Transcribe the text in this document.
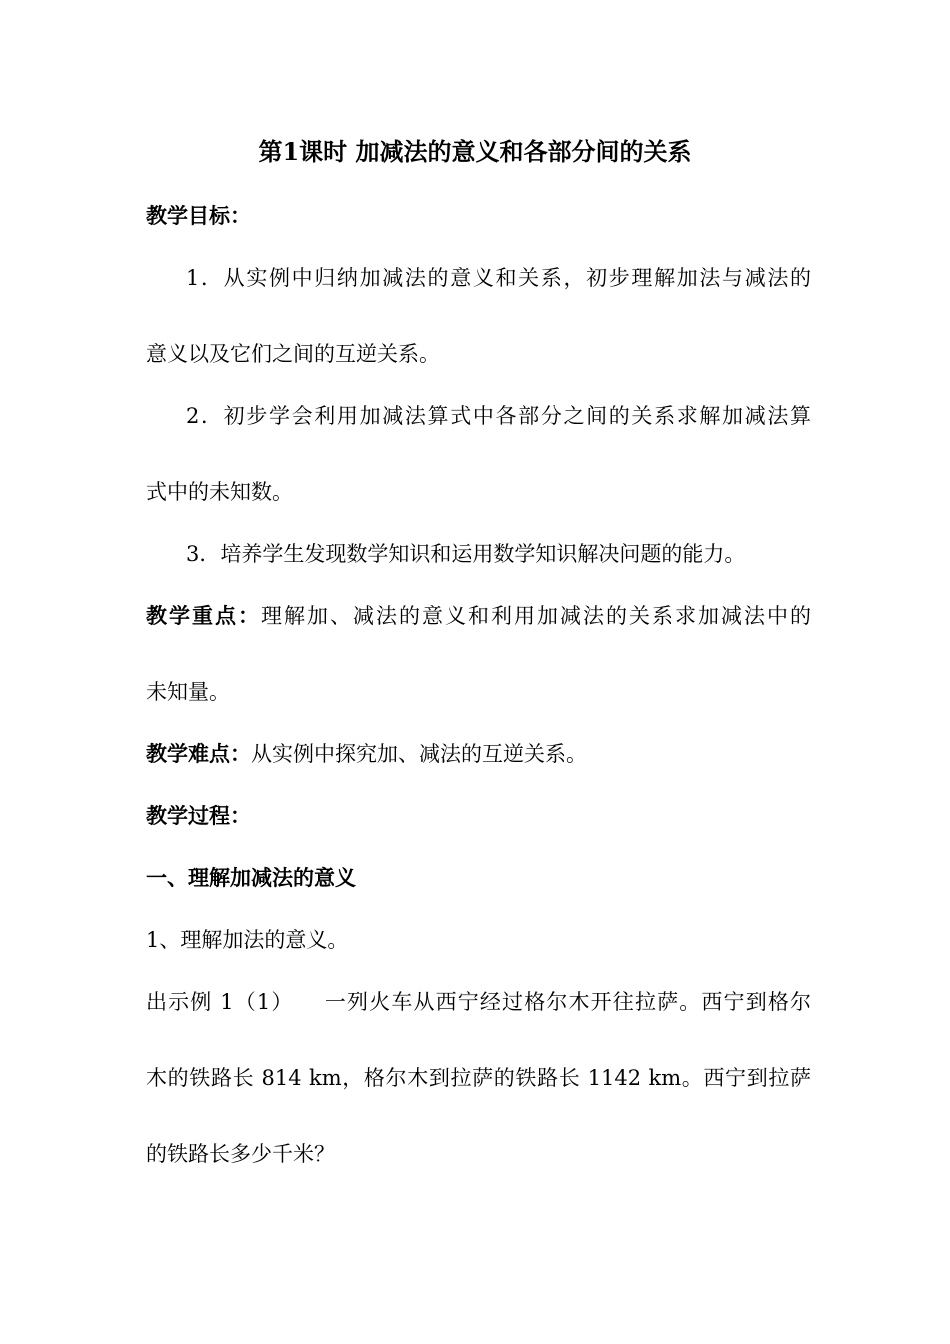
第1课时 加减法的意义和各部分间的关系
教学目标：
1．从实例中归纳加减法的意义和关系，初步理解加法与减法的
意义以及它们之间的互逆关系。
2．初步学会利用加减法算式中各部分之间的关系求解加减法算
式中的未知数。
3．培养学生发现数学知识和运用数学知识解决问题的能力。
教学重点：理解加、减法的意义和利用加减法的关系求加减法中的
未知量。
教学难点：从实例中探究加、减法的互逆关系。
教学过程：
一、理解加减法的意义
1、理解加法的意义。
出示例 1（1）    一列火车从西宁经过格尔木开往拉萨。西宁到格尔
木的铁路长 814 km，格尔木到拉萨的铁路长 1142 km。西宁到拉萨
的铁路长多少千米？
